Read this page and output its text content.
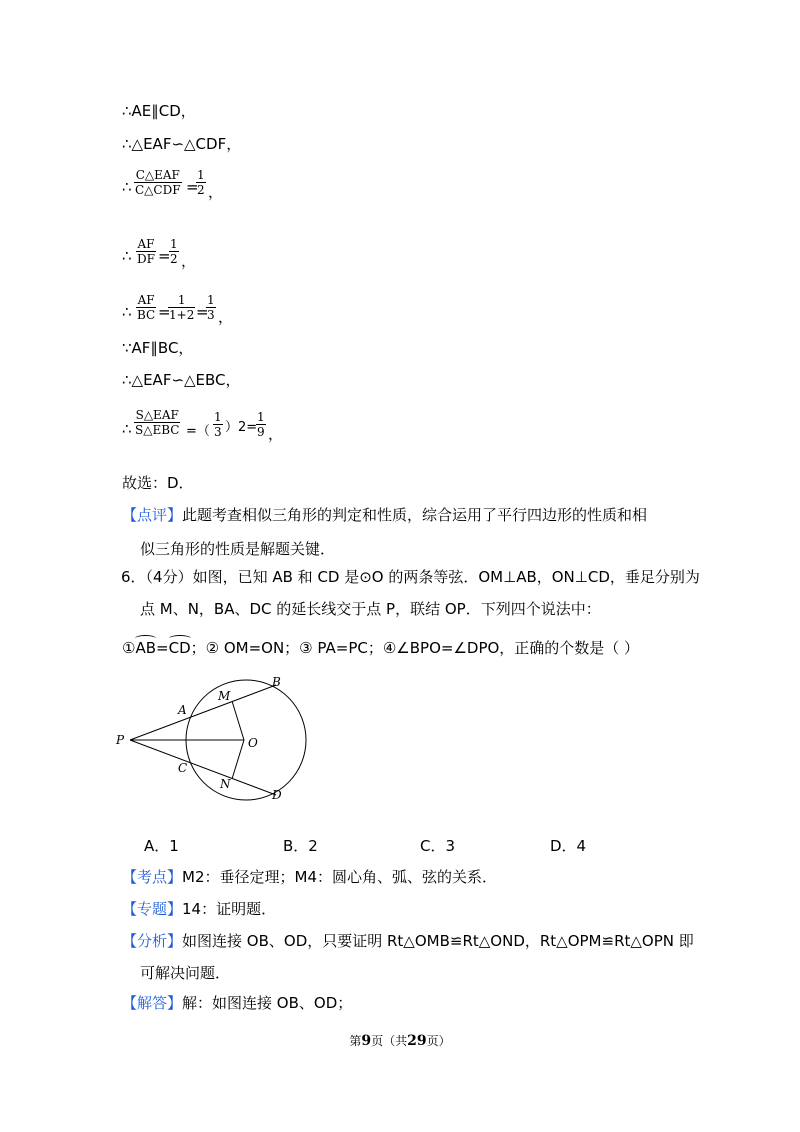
∴AE∥CD，
∴△EAF∽△CDF，
∴
C△EAF
C△CDF =
$\frac{1}{2}$ ，
∴ $\frac{AF}{DF}$ =
$\frac{1}{2}$ ，
∴ $\frac{AF}{BC}$ =
$\frac{1}{1+2}$ =
$\frac{1}{3}$ ，
∵AF∥BC，
∴△EAF∽△EBC，
∴
S△EAF
S△EBC =（ $\frac{1}{3} )2=$
$\frac{1}{9}$ ，
故选：D．
【点评】此题考查相似三角形的判定和性质，综合运用了平行四边形的性质和相
似三角形的性质是解题关键．
6．（4分）如图，已知 AB 和 CD 是⊙O 的两条等弦．OM⊥AB，ON⊥CD，垂足分别为
点 M、N，BA、DC 的延长线交于点 P，联结 OP．下列四个说法中：
①AB=CD；② OM=ON；③ PA=PC；④∠BPO=∠DPO，正确的个数是（ ）
P
A
M
B
O
C
N
D
A．1	B．2	C．3	D．4
【考点】M2：垂径定理；M4：圆心角、弧、弦的关系．
【专题】14：证明题．
【分析】如图连接 OB、OD，只要证明 Rt△OMB≌Rt△OND，Rt△OPM≌Rt△OPN 即
可解决问题．
【解答】解：如图连接 OB、OD；
第9页（共29页）
